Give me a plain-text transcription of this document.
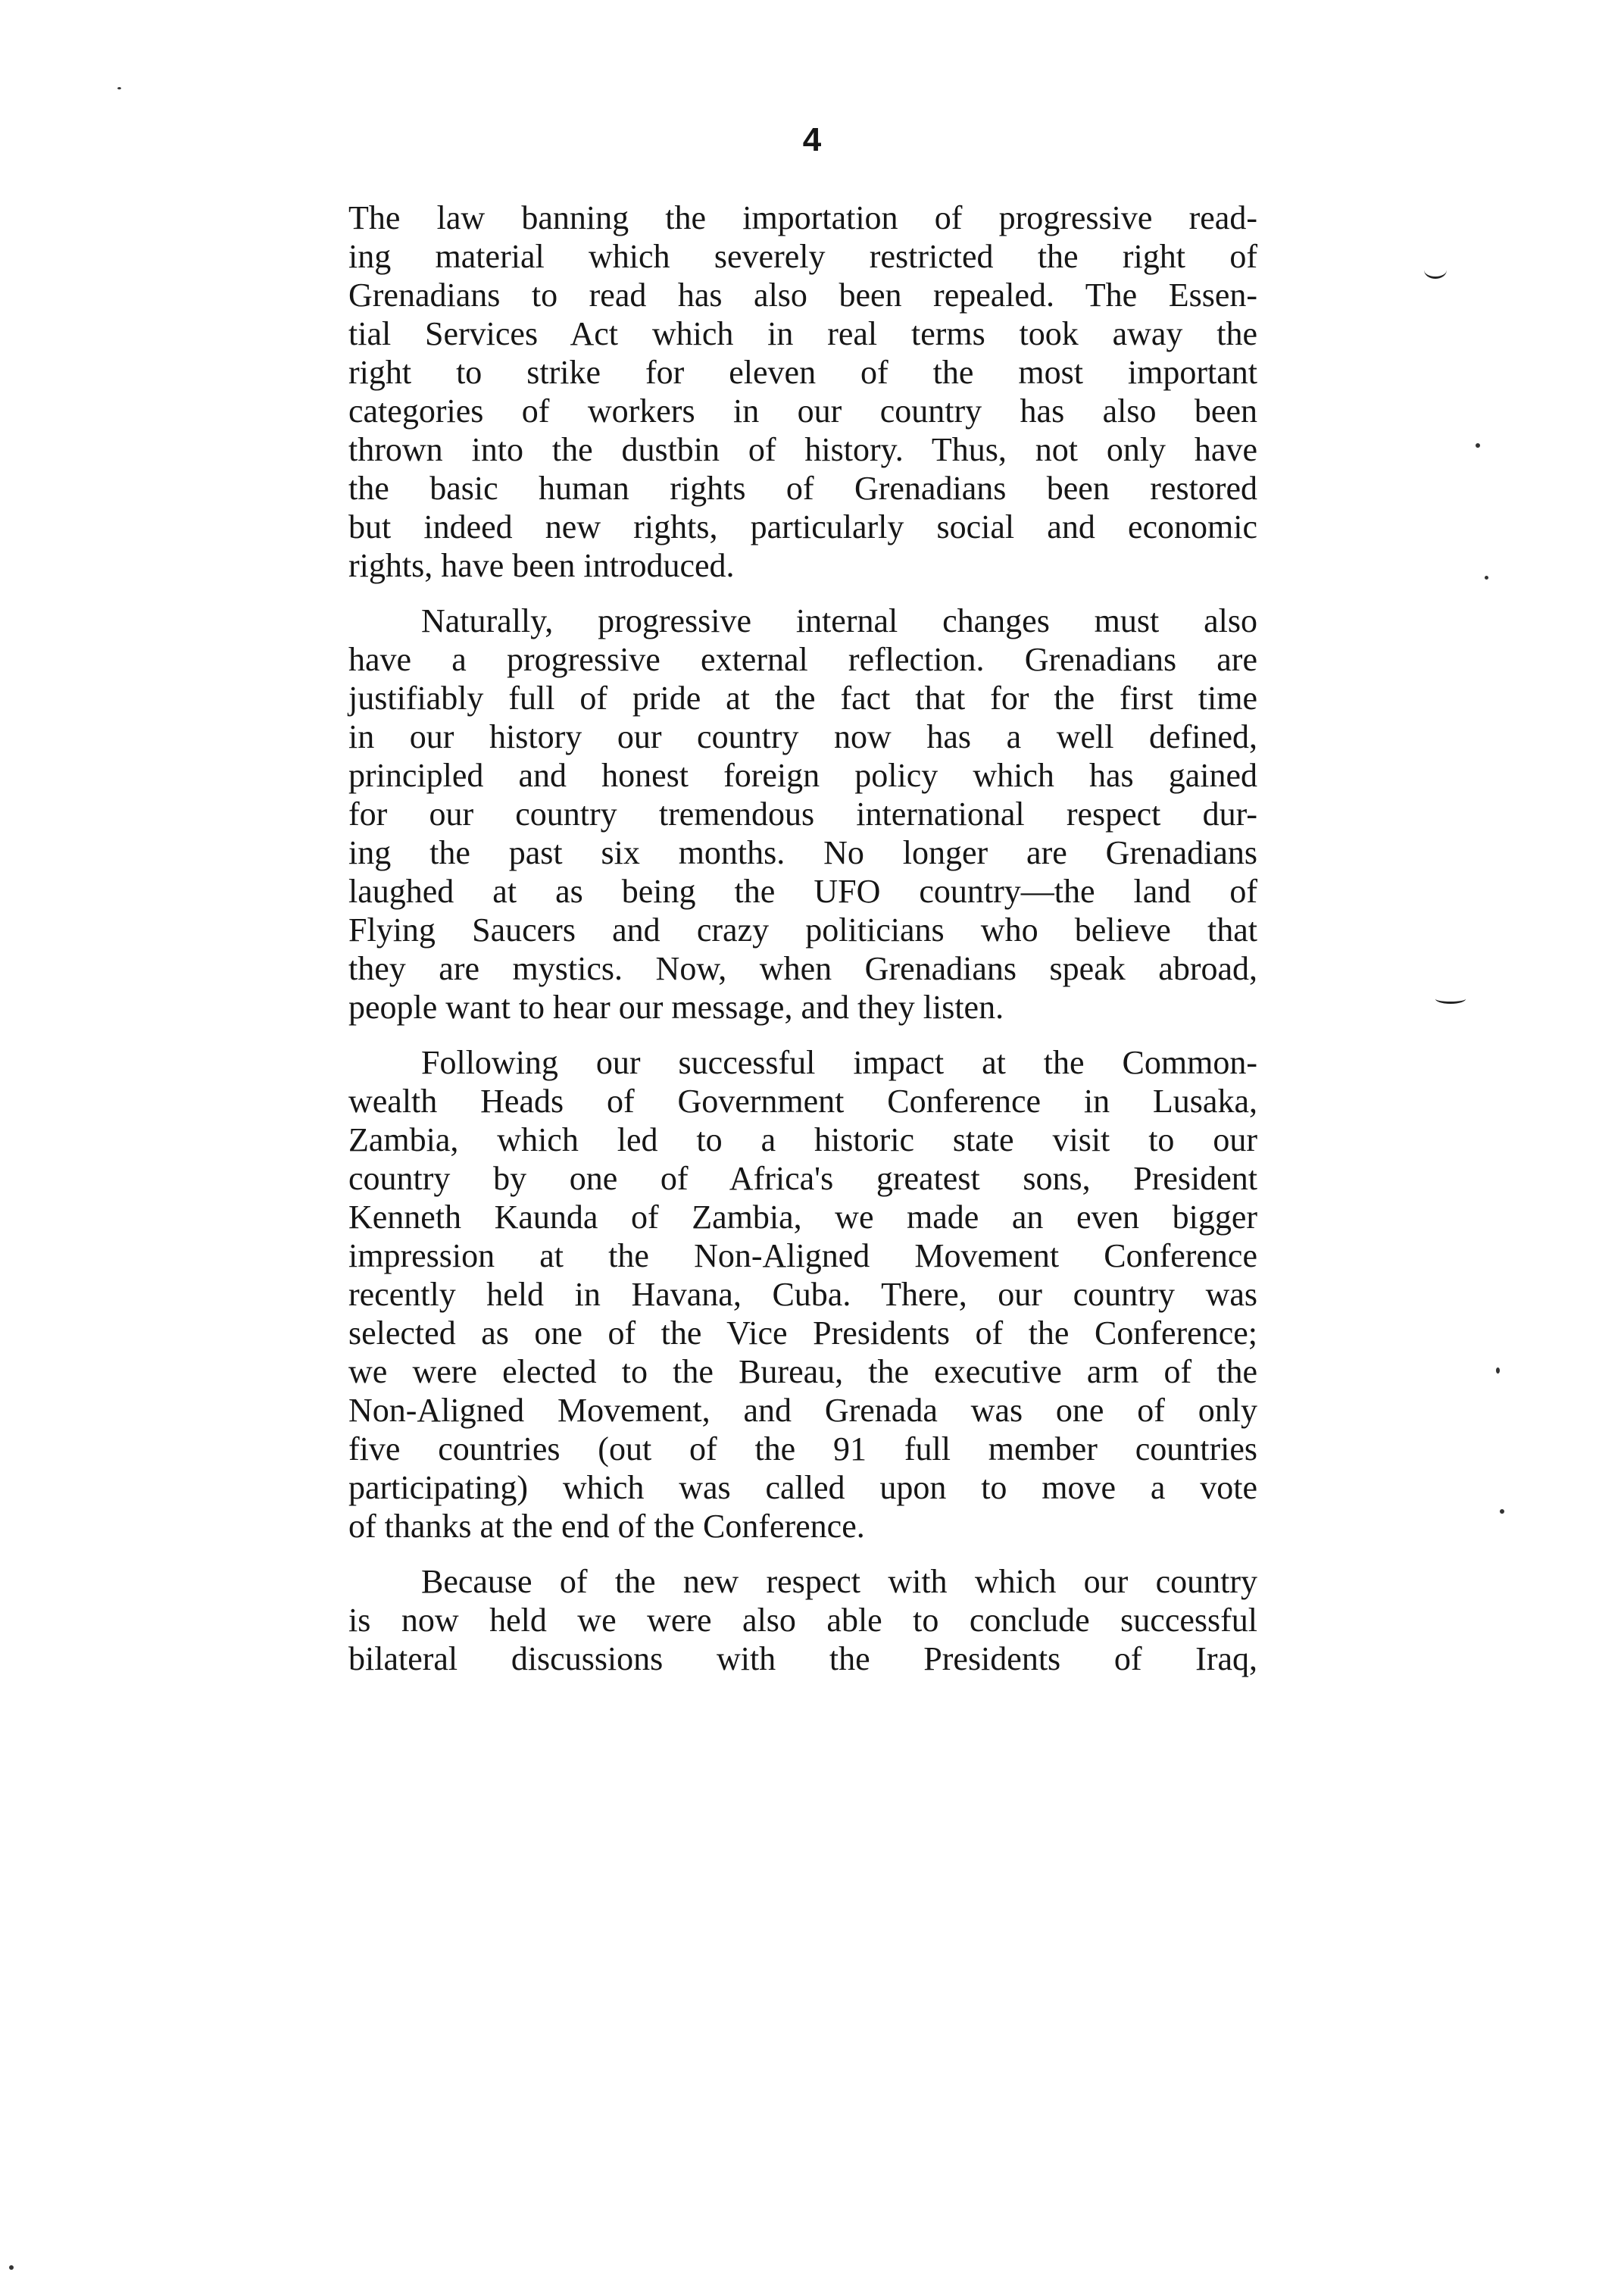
4
The law banning the importation of progressive read-
ing material which severely restricted the right of
Grenadians to read has also been repealed. The Essen-
tial Services Act which in real terms took away the
right to strike for eleven of the most important
categories of workers in our country has also been
thrown into the dustbin of history. Thus, not only have
the basic human rights of Grenadians been restored
but indeed new rights, particularly social and economic
rights, have been introduced.
Naturally, progressive internal changes must also
have a progressive external reflection. Grenadians are
justifiably full of pride at the fact that for the first time
in our history our country now has a well defined,
principled and honest foreign policy which has gained
for our country tremendous international respect dur-
ing the past six months. No longer are Grenadians
laughed at as being the UFO country—the land of
Flying Saucers and crazy politicians who believe that
they are mystics. Now, when Grenadians speak abroad,
people want to hear our message, and they listen.
Following our successful impact at the Common-
wealth Heads of Government Conference in Lusaka,
Zambia, which led to a historic state visit to our
country by one of Africa's greatest sons, President
Kenneth Kaunda of Zambia, we made an even bigger
impression at the Non-Aligned Movement Conference
recently held in Havana, Cuba. There, our country was
selected as one of the Vice Presidents of the Conference;
we were elected to the Bureau, the executive arm of the
Non-Aligned Movement, and Grenada was one of only
five countries (out of the 91 full member countries
participating) which was called upon to move a vote
of thanks at the end of the Conference.
Because of the new respect with which our country
is now held we were also able to conclude successful
bilateral discussions with the Presidents of Iraq,
